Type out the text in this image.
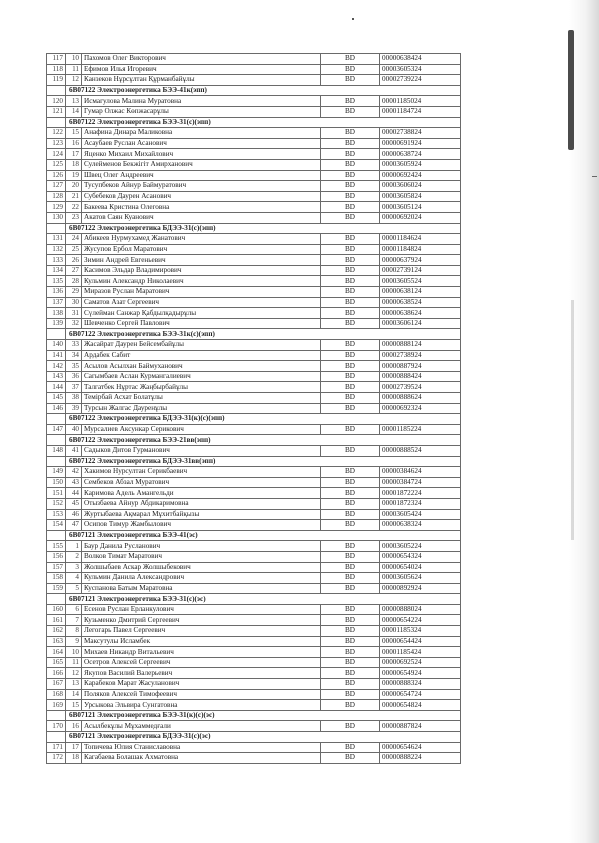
117	10	Пахомов Олег Викторович	BD	00000638424
118	11	Ефимов Илья Игоревич	BD	00003605324
119	12	Канзеков Нұрсұлтан Құрманбайұлы	BD	00002739224
	6В07122 Электроэнергетика БЭЭ-41к(эпп)			
120	13	Исмагулова Малина Муратовна	BD	00001185024
121	14	Гумар Олжас Көпжасарұлы	BD	00001184724
	6В07122 Электроэнергетика БЭЭ-31(с)(эпп)			
122	15	Анафина Динара Маликовна	BD	00002738824
123	16	Асаубаев Руслан Асанович	BD	00000691924
124	17	Яценко Михаил Михайлович	BD	00000638724
125	18	Сулейменов Бекжігіт Амирханович	BD	00003605924
126	19	Швец Олег Андреевич	BD	00000692424
127	20	Тусупбеков Айнур Баймуратович	BD	00003606024
128	21	Субебеков Даурен Асанович	BD	00003605824
129	22	Бакеева Кристина Олеговна	BD	00003605124
130	23	Акатов Саян Куанович	BD	00000692024
	6В07122 Электроэнергетика БДЭЭ-31(с)(эпп)			
131	24	Абикеев Нурмухамед Жанатович	BD	00001184624
132	25	Жусупов Ербол Маратович	BD	00001184824
133	26	Зимин Андрей Евгеньевич	BD	00000637924
134	27	Касимов Эльдар Владимирович	BD	00002739124
135	28	Кульмин Александр Николаевич	BD	00003605524
136	29	Миразов Руслан Маратович	BD	00000638124
137	30	Саматов Азат Сергеевич	BD	00000638524
138	31	Сүлейман Санжар Қабдылқадырұлы	BD	00000638624
139	32	Шевченко Сергей Павлович	BD	00003606124
	6В07122 Электроэнергетика БЭЭ-31к(с)(эпп)			
140	33	Жасайрат Даурен Бейсембайұлы	BD	00000888124
141	34	Ардабек Сабит	BD	00002738924
142	35	Асылов Асылхан Баймуханович	BD	00000887924
143	36	Сагымбаев Аслан Курмангалиевич	BD	00000888424
144	37	Талгатбек Нұртас Жаңбырбайұлы	BD	00002739524
145	38	Темірбай Асхат Болатұлы	BD	00000888624
146	39	Турсын Жалгас Дауренұлы	BD	00000692324
	6В07122 Электроэнергетика БДЭЭ-31(к)(с)(эпп)			
147	40	Мурсалиев Аксункар Серикович	BD	00001185224
	6В07122 Электроэнергетика БЭЭ-21вв(эпп)			
148	41	Садыков Дитов Гурманович	BD	00000888524
	6В07122 Электроэнергетика БДЭЭ-31вв(эпп)			
149	42	Хакимов Нурсултан Серикбаевич	BD	00000384624
150	43	Сембеков Абзал Муратович	BD	00000384724
151	44	Каримова Адель Амангельди	BD	00001872224
152	45	Отызбаева Айнур Абдикаримовна	BD	00001872324
153	46	Журтыбаева Ақмарал Мұхитбайқызы	BD	00003605424
154	47	Осипов Тимур Жамбылович	BD	00000638324
	6В07121 Электроэнергетика БЭЭ-41(эс)			
155	1	Баур Данила Русланович	BD	00003605224
156	2	Волков Тимат Маратович	BD	00000654324
157	3	Жолшыбаев Аскар Жолшыбекович	BD	00000654024
158	4	Кульмин Данила Александрович	BD	00003605624
159	5	Куспанова Батым Маратовна	BD	00000892924
	6В07121 Электроэнергетика БЭЭ-31(с)(эс)			
160	6	Есенов Руслан Ерланкулович	BD	00000888024
161	7	Кузьменко Дмитрий Сергеевич	BD	00000654224
162	8	Легогарь Павел Сергеевич	BD	00001185324
163	9	Максутулы Исламбек	BD	00000654424
164	10	Михаев Никандр Витальевич	BD	00001185424
165	11	Осетров Алексей Сергеевич	BD	00000692524
166	12	Якупов Василий Валерьевич	BD	00000654924
167	13	Карабеков Марат Жасуланович	BD	00000888324
168	14	Поляков Алексей Тимофеевич	BD	00000654724
169	15	Урсыкова Эльвира Сунгатовна	BD	00000654824
	6В07121 Электроэнергетика БЭЭ-31(к)(с)(эс)			
170	16	Асылбекұлы Мұхаммедғали	BD	00000887824
	6В07121 Электроэнергетика БДЭЭ-31(с)(эс)			
171	17	Топичева Юлия Станиславовна	BD	00000654624
172	18	Кагабаева Болашак Ахматовна	BD	00000888224
